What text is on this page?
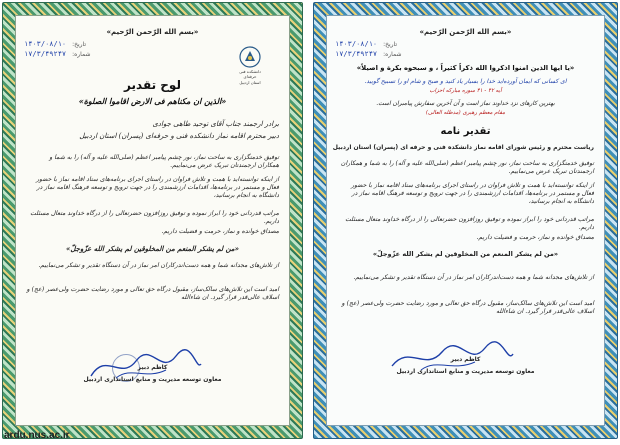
«بسم الله الرّحمن الرّحیم»
تاریخ: ۱۴۰۳/۰۸/۱۰
شماره: ۱۷/۳/۴۹۲۴۷
دانشکده فنی حرفه‌ای
استان اردبیل
لوح تقدیر
«الذین ان مکناهم فی الارض اقاموا الصلوة»
برادر ارجمند جناب آقای توحید طاهی جوادی
دبیر محترم اقامه نماز دانشکده فنی و حرفه‌ای (پسران) استان اردبیل
توفیق خدمتگزاری به ساحت نماز، نور چشم پیامبر اعظم (صلی‌الله علیه و آله) را به شما و همکاران ارجمندتان تبریک عرض می‌نماییم.
از اینکه توانسته‌اید با همت و تلاش فراوان در راستای اجرای برنامه‌های ستاد اقامه نماز با حضور فعال و مستمر در برنامه‌ها، اقدامات ارزشمندی را در جهت ترویج و توسعه فرهنگ اقامه نماز در دانشگاه به انجام برسانید،
مراتب قدردانی خود را ابراز نموده و توفیق روزافزون حضرتعالی را از درگاه خداوند متعال مسئلت داریم.
مصداق خوانده و نماز، حرمت و فضیلت داریم.
«من لم یشکر المنعم من المخلوقین لم یشکر الله عزّوجلّ»
از تلاش‌های مجدانه شما و همه دست‌اندرکاران امر نماز در آن دستگاه تقدیر و تشکر می‌نماییم.
امید است این تلاش‌های سالک‌ساز، مقبول درگاه حق تعالی و مورد رضایت حضرت ولی‌عصر (عج) و اسلاف عالی‌قدر قرار گیرد. ان شاءالله
کاظم دبیر
معاون توسعه مدیریت و منابع استانداری اردبیل
«بسم الله الرّحمن الرّحیم»
تاریخ: ۱۴۰۳/۰۸/۱۰
شماره: ۱۷/۳/۴۹۲۴۷
«یا ایها الذین امنوا اذکروا الله ذکراً کثیراً ، و سبحوه بکرة و اصیلاً»
ای کسانی که ایمان آورده‌اید خدا را بسیار یاد کنید و صبح و شام او را تسبیح گویید.
آیه ۴۲ - ۴۱ سوره مبارکه احزاب
بهترین کارهای نزد خداوند نماز است و آن آخرین سفارش پیامبران است.
مقام معظم رهبری (مدظله العالی)
تقدیر نامه
ریاست محترم و رئیس شورای اقامه نماز دانشکده فنی و حرفه ای (پسران) استان اردبیل
توفیق خدمتگزاری به ساحت نماز، نور چشم پیامبر اعظم (صلی‌الله علیه و آله) را به شما و همکاران ارجمندتان تبریک عرض می‌نماییم.
از اینکه توانسته‌اید با همت و تلاش فراوان در راستای اجرای برنامه‌های ستاد اقامه نماز با حضور فعال و مستمر در برنامه‌ها، اقدامات ارزشمندی را در جهت ترویج و توسعه فرهنگ اقامه نماز در دانشگاه به انجام برسانید،
مراتب قدردانی خود را ابراز نموده و توفیق روزافزون حضرتعالی را از درگاه خداوند متعال مسئلت داریم.
مصداق خوانده و نماز، حرمت و فضیلت داریم.
«من لم یشکر المنعم من المخلوقین لم یشکر الله عزّوجلّ»
از تلاش‌های مجدانه شما و همه دست‌اندرکاران امر نماز در آن دستگاه تقدیر و تشکر می‌نماییم.
امید است این تلاش‌های سالک‌ساز، مقبول درگاه حق تعالی و مورد رضایت حضرت ولی‌عصر (عج) و اسلاف عالی‌قدر قرار گیرد. ان شاءالله
کاظم دبیر
معاون توسعه مدیریت و منابع استانداری اردبیل
ardu.nus.ac.ir
